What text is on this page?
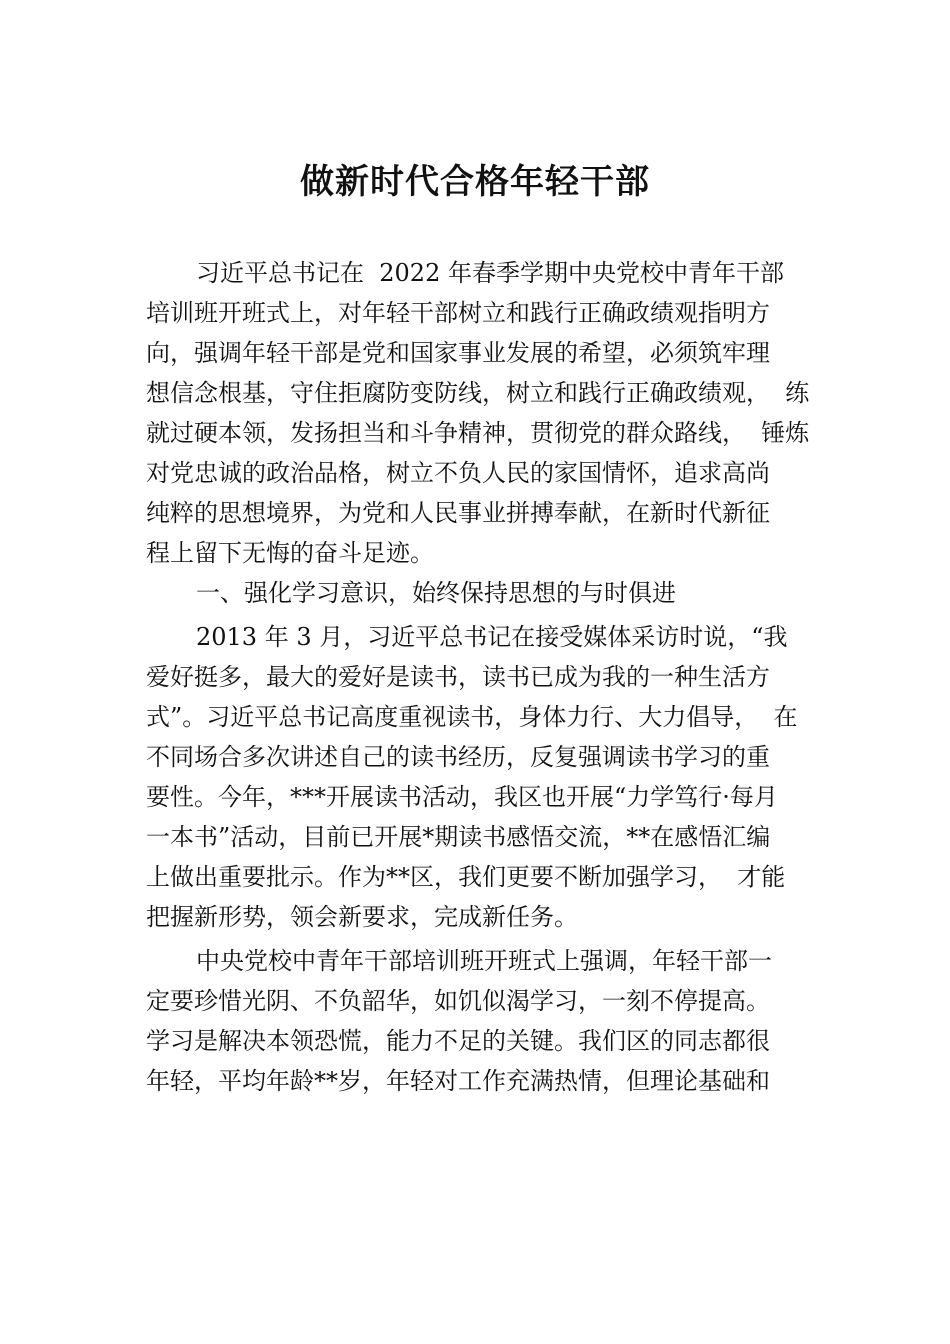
做新时代合格年轻干部
习近平总书记在  2022 年春季学期中央党校中青年干部
培训班开班式上，对年轻干部树立和践行正确政绩观指明方
向，强调年轻干部是党和国家事业发展的希望，必须筑牢理
想信念根基，守住拒腐防变防线，树立和践行正确政绩观，  练
就过硬本领，发扬担当和斗争精神，贯彻党的群众路线，  锤炼
对党忠诚的政治品格，树立不负人民的家国情怀，追求高尚
纯粹的思想境界，为党和人民事业拼搏奉献，在新时代新征
程上留下无悔的奋斗足迹。
一、强化学习意识，始终保持思想的与时俱进
2013 年 3 月，习近平总书记在接受媒体采访时说，“我
爱好挺多，最大的爱好是读书，读书已成为我的一种生活方
式”。习近平总书记高度重视读书，身体力行、大力倡导，  在
不同场合多次讲述自己的读书经历，反复强调读书学习的重
要性。今年，***开展读书活动，我区也开展“力学笃行·每月
一本书”活动，目前已开展*期读书感悟交流，**在感悟汇编
上做出重要批示。作为**区，我们更要不断加强学习，  才能
把握新形势，领会新要求，完成新任务。
中央党校中青年干部培训班开班式上强调，年轻干部一
定要珍惜光阴、不负韶华，如饥似渴学习，一刻不停提高。
学习是解决本领恐慌，能力不足的关键。我们区的同志都很
年轻，平均年龄**岁，年轻对工作充满热情，但理论基础和
